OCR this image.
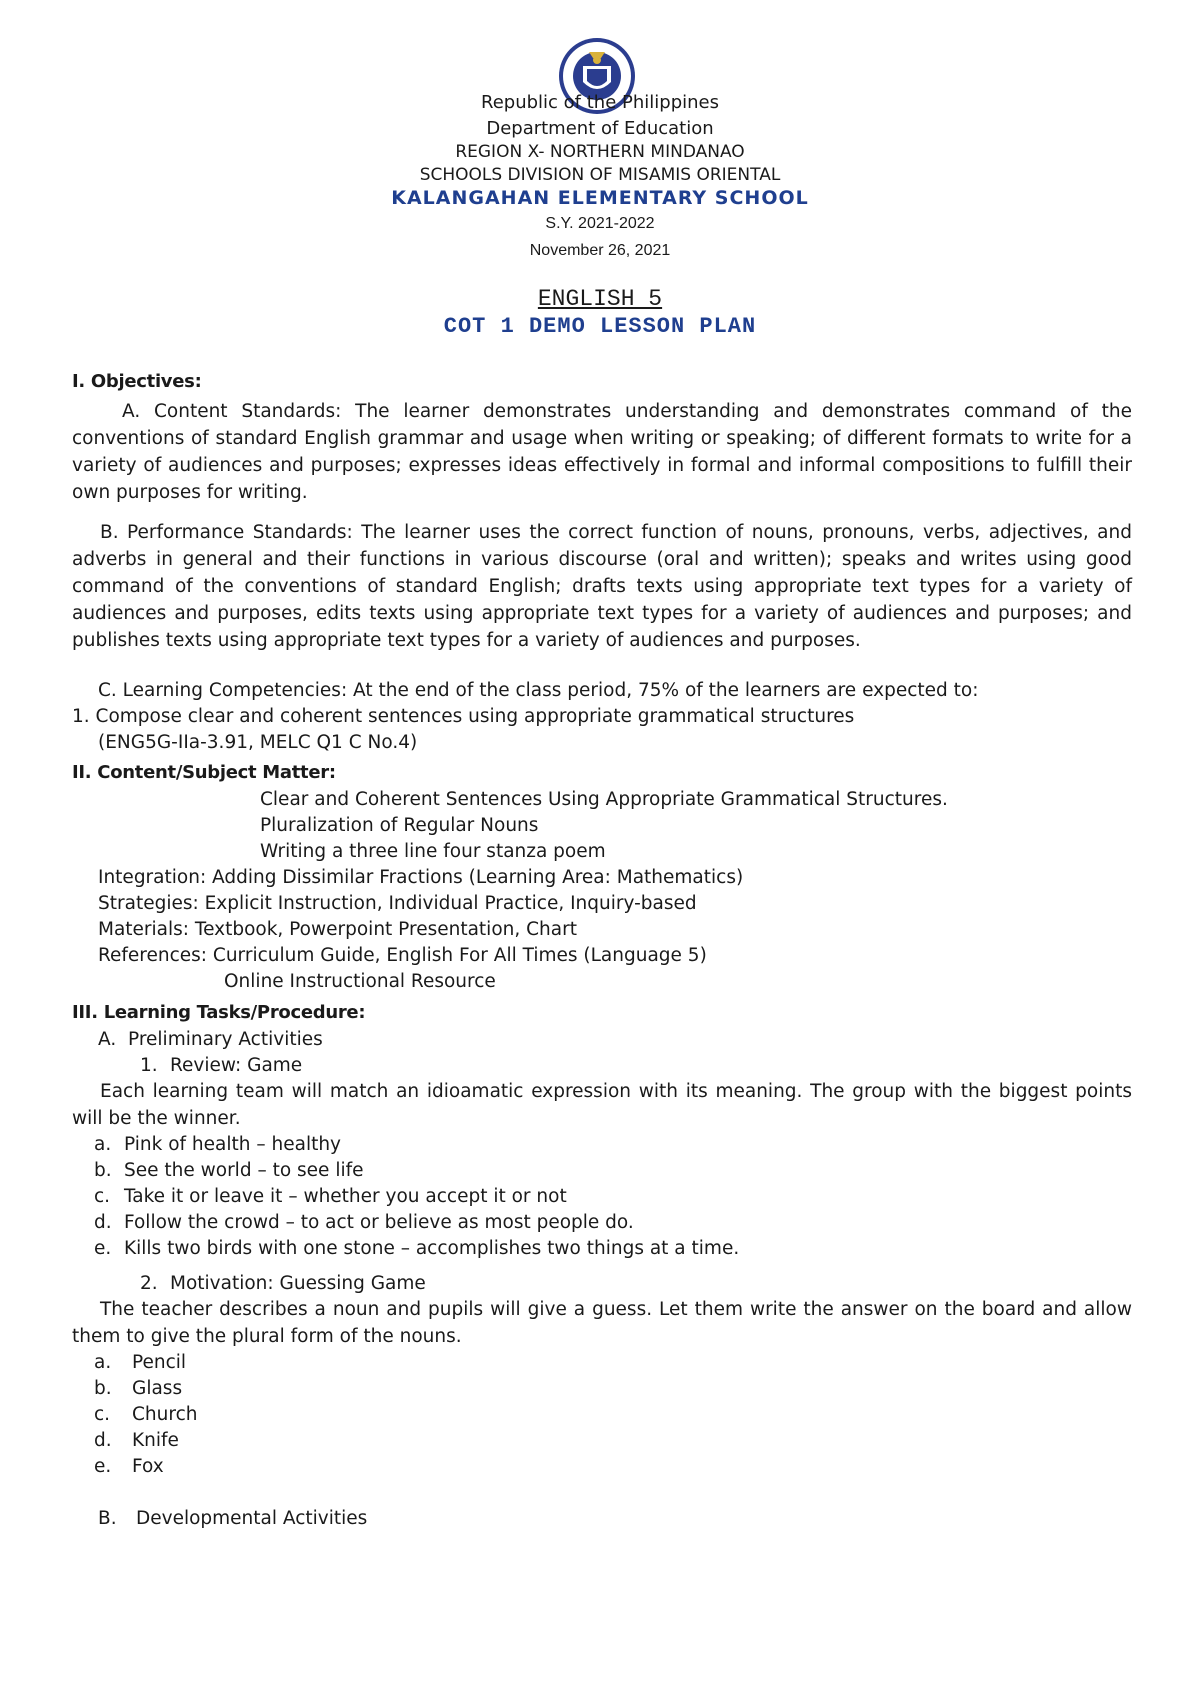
Republic of the Philippines
Department of Education
REGION X- NORTHERN MINDANAO
SCHOOLS DIVISION OF MISAMIS ORIENTAL
KALANGAHAN ELEMENTARY SCHOOL
S.Y. 2021-2022
November 26, 2021
ENGLISH 5
COT 1 DEMO LESSON PLAN
I. Objectives:
A. Content Standards: The learner demonstrates understanding and demonstrates command of the conventions of standard English grammar and usage when writing or speaking; of different formats to write for a variety of audiences and purposes; expresses ideas effectively in formal and informal compositions to fulfill their own purposes for writing.
B. Performance Standards: The learner uses the correct function of nouns, pronouns, verbs, adjectives, and adverbs in general and their functions in various discourse (oral and written); speaks and writes using good command of the conventions of standard English; drafts texts using appropriate text types for a variety of audiences and purposes, edits texts using appropriate text types for a variety of audiences and purposes; and publishes texts using appropriate text types for a variety of audiences and purposes.
C. Learning Competencies: At the end of the class period, 75% of the learners are expected to:
1. Compose clear and coherent sentences using appropriate grammatical structures
(ENG5G-IIa-3.91, MELC Q1 C No.4)
II. Content/Subject Matter:
Clear and Coherent Sentences Using Appropriate Grammatical Structures.
Pluralization of Regular Nouns
Writing a three line four stanza poem
Integration: Adding Dissimilar Fractions (Learning Area: Mathematics)
Strategies: Explicit Instruction, Individual Practice, Inquiry-based
Materials: Textbook, Powerpoint Presentation, Chart
References: Curriculum Guide, English For All Times (Language 5)
Online Instructional Resource
III. Learning Tasks/Procedure:
A. Preliminary Activities
1. Review: Game
Each learning team will match an idioamatic expression with its meaning. The group with the biggest points will be the winner.
a. Pink of health – healthy
b. See the world – to see life
c. Take it or leave it – whether you accept it or not
d. Follow the crowd – to act or believe as most people do.
e. Kills two birds with one stone – accomplishes two things at a time.
2. Motivation: Guessing Game
The teacher describes a noun and pupils will give a guess. Let them write the answer on the board and allow them to give the plural form of the nouns.
a. Pencil
b. Glass
c. Church
d. Knife
e. Fox
B. Developmental Activities
